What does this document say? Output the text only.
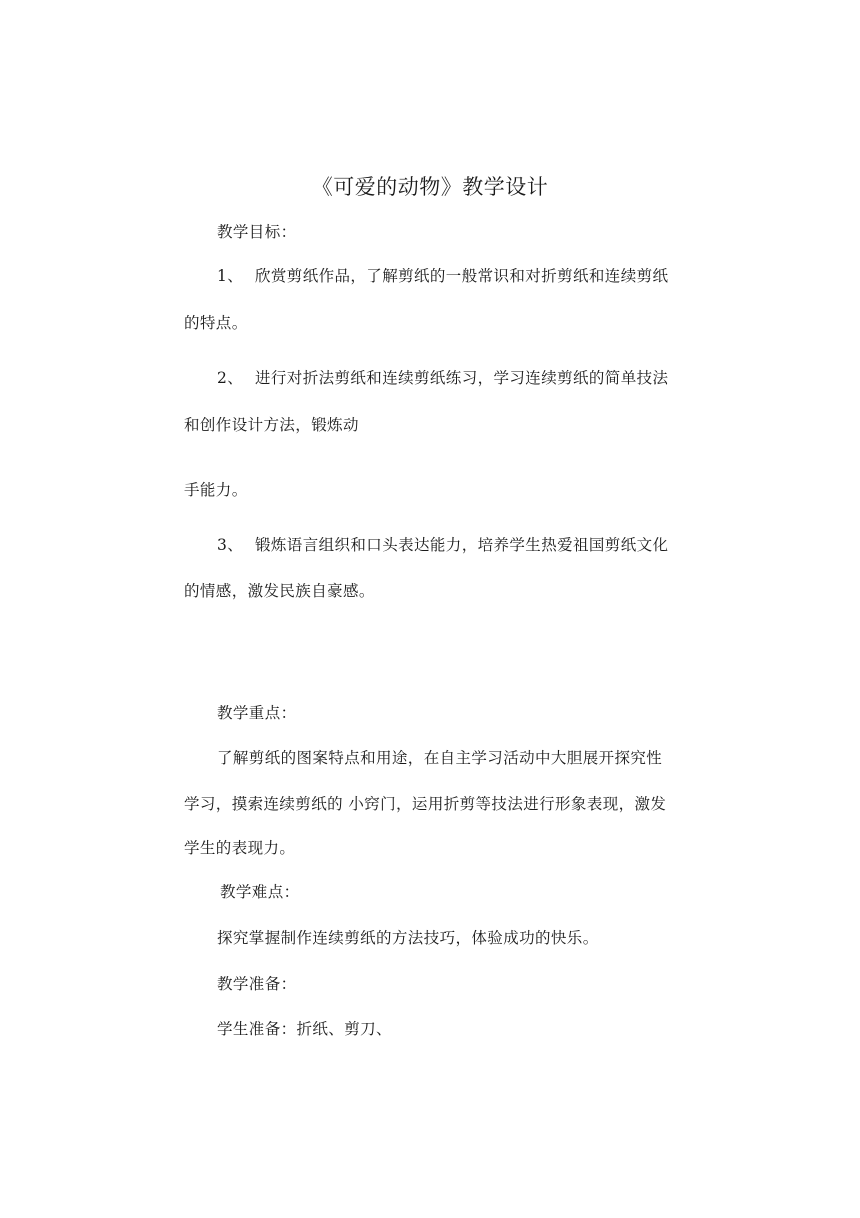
《可爱的动物》教学设计
教学目标：
1、 欣赏剪纸作品，了解剪纸的一般常识和对折剪纸和连续剪纸
的特点。
2、 进行对折法剪纸和连续剪纸练习，学习连续剪纸的简单技法
和创作设计方法，锻炼动
手能力。
3、 锻炼语言组织和口头表达能力，培养学生热爱祖国剪纸文化
的情感，激发民族自豪感。
教学重点：
了解剪纸的图案特点和用途，在自主学习活动中大胆展开探究性
学习，摸索连续剪纸的 小窍门，运用折剪等技法进行形象表现，激发
学生的表现力。
教学难点：
探究掌握制作连续剪纸的方法技巧，体验成功的快乐。
教学准备：
学生准备：折纸、剪刀、
